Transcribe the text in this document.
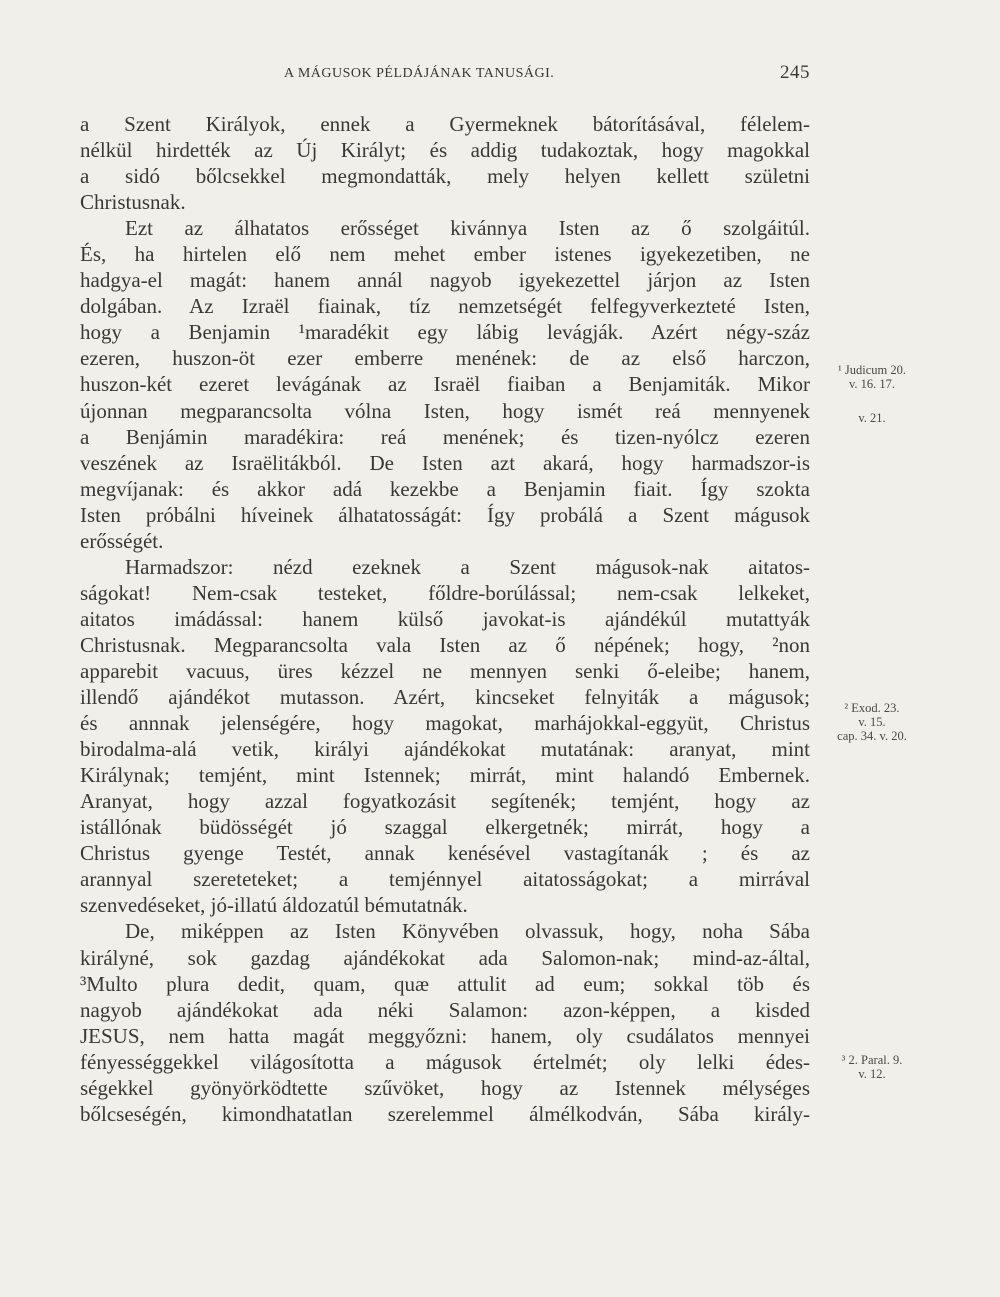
A MÁGUSOK PÉLDÁJÁNAK TANUSÁGI.	245

a Szent Királyok, ennek a Gyermeknek bátorításával, félelem-
nélkül hirdették az Új Királyt; és addig tudakoztak, hogy magokkal
a sidó bőlcsekkel megmondatták, mely helyen kellett születni
Christusnak.

Ezt az álhatatos erősséget kivánnya Isten az ő szolgáitúl.
És, ha hirtelen elő nem mehet ember istenes igyekezetiben, ne
hadgya-el magát: hanem annál nagyob igyekezettel járjon az Isten
dolgában. Az Izraël fiainak, tíz nemzetségét felfegyverkezteté Isten,
hogy a Benjamin ¹maradékit egy lábig levágják. Azért négy-száz
ezeren, huszon-öt ezer emberre menének: de az első harczon,
huszon-két ezeret levágának az Israël fiaiban a Benjamiták. Mikor
újonnan megparancsolta vólna Isten, hogy ismét reá mennyenek
a Benjámin maradékira: reá menének; és tizen-nyólcz ezeren
veszének az Israëlitákból. De Isten azt akará, hogy harmadszor-is
megvíjanak: és akkor adá kezekbe a Benjamin fiait. Így szokta
Isten próbálni híveinek álhatatosságát: Így probálá a Szent mágusok
erősségét.

Harmadszor: nézd ezeknek a Szent mágusok-nak aitatos-
ságokat! Nem-csak testeket, főldre-borúlással; nem-csak lelkeket,
aitatos imádással: hanem külső javokat-is ajándékúl mutattyák
Christusnak. Megparancsolta vala Isten az ő népének; hogy, ²non
apparebit vacuus, üres kézzel ne mennyen senki ő-eleibe; hanem,
illendő ajándékot mutasson. Azért, kincseket felnyiták a mágusok;
és annnak jelenségére, hogy magokat, marhájokkal-eggyüt, Christus
birodalma-alá vetik, királyi ajándékokat mutatának: aranyat, mint
Királynak; temjént, mint Istennek; mirrát, mint halandó Embernek.
Aranyat, hogy azzal fogyatkozásit segítenék; temjént, hogy az
istállónak büdösségét jó szaggal elkergetnék; mirrát, hogy a
Christus gyenge Testét, annak kenésével vastagítanák ; és az
arannyal szereteteket; a temjénnyel aitatosságokat; a mirrával
szenvedéseket, jó-illatú áldozatúl bémutatnák.

De, miképpen az Isten Könyvében olvassuk, hogy, noha Sába
királyné, sok gazdag ajándékokat ada Salomon-nak; mind-az-által,
³Multo plura dedit, quam, quæ attulit ad eum; sokkal töb és
nagyob ajándékokat ada néki Salamon: azon-képpen, a kisded
JESUS, nem hatta magát meggyőzni: hanem, oly csudálatos mennyei
fényességgekkel világosította a mágusok értelmét; oly lelki édes-
ségekkel gyönyörködtette szűvöket, hogy az Istennek mélységes
bőlcseségén, kimondhatatlan szerelemmel álmélkodván, Sába király-

¹ Judicum 20.
v. 16. 17.
v. 21.
² Exod. 23.
v. 15.
cap. 34. v. 20.
³ 2. Paral. 9.
v. 12.
